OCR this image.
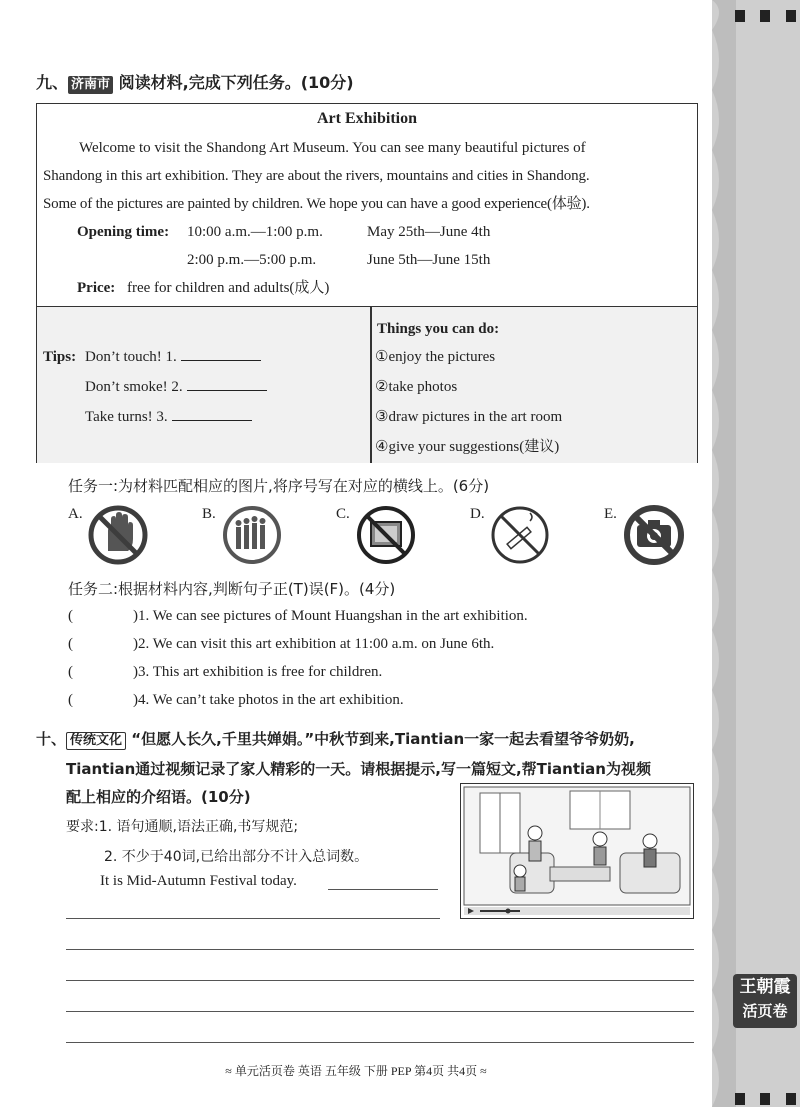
王朝霞
活页卷
九、 济南市 阅读材料,完成下列任务。(10分)
Art Exhibition
Welcome to visit the Shandong Art Museum. You can see many beautiful pictures of
Shandong in this art exhibition. They are about the rivers, mountains and cities in Shandong.
Some of the pictures are painted by children. We hope you can have a good experience(体验).
Opening time: 10:00 a.m.—1:00 p.m.	May 25th—June 4th
2:00 p.m.—5:00 p.m.	June 5th—June 15th
Price: free for children and adults(成人)
Tips: Don’t touch! 1.
Don’t smoke! 2.
Take turns! 3.
Things you can do:
①enjoy the pictures
②take photos
③draw pictures in the art room
④give your suggestions(建议)
任务一:为材料匹配相应的图片,将序号写在对应的横线上。(6分)
A.	B.	C.	D.	E.
任务二:根据材料内容,判断句子正(T)误(F)。(4分)
(	)1. We can see pictures of Mount Huangshan in the art exhibition.
(	)2. We can visit this art exhibition at 11:00 a.m. on June 6th.
(	)3. This art exhibition is free for children.
(	)4. We can’t take photos in the art exhibition.
十、 传统文化 “但愿人长久,千里共婵娟。”中秋节到来,Tiantian一家一起去看望爷爷奶奶,
Tiantian通过视频记录了家人精彩的一天。请根据提示,写一篇短文,帮Tiantian为视频
配上相应的介绍语。(10分)
要求:1. 语句通顺,语法正确,书写规范;
2. 不少于40词,已给出部分不计入总词数。
It is Mid-Autumn Festival today.
≈ 单元活页卷 英语 五年级 下册 PEP 第4页 共4页 ≈
